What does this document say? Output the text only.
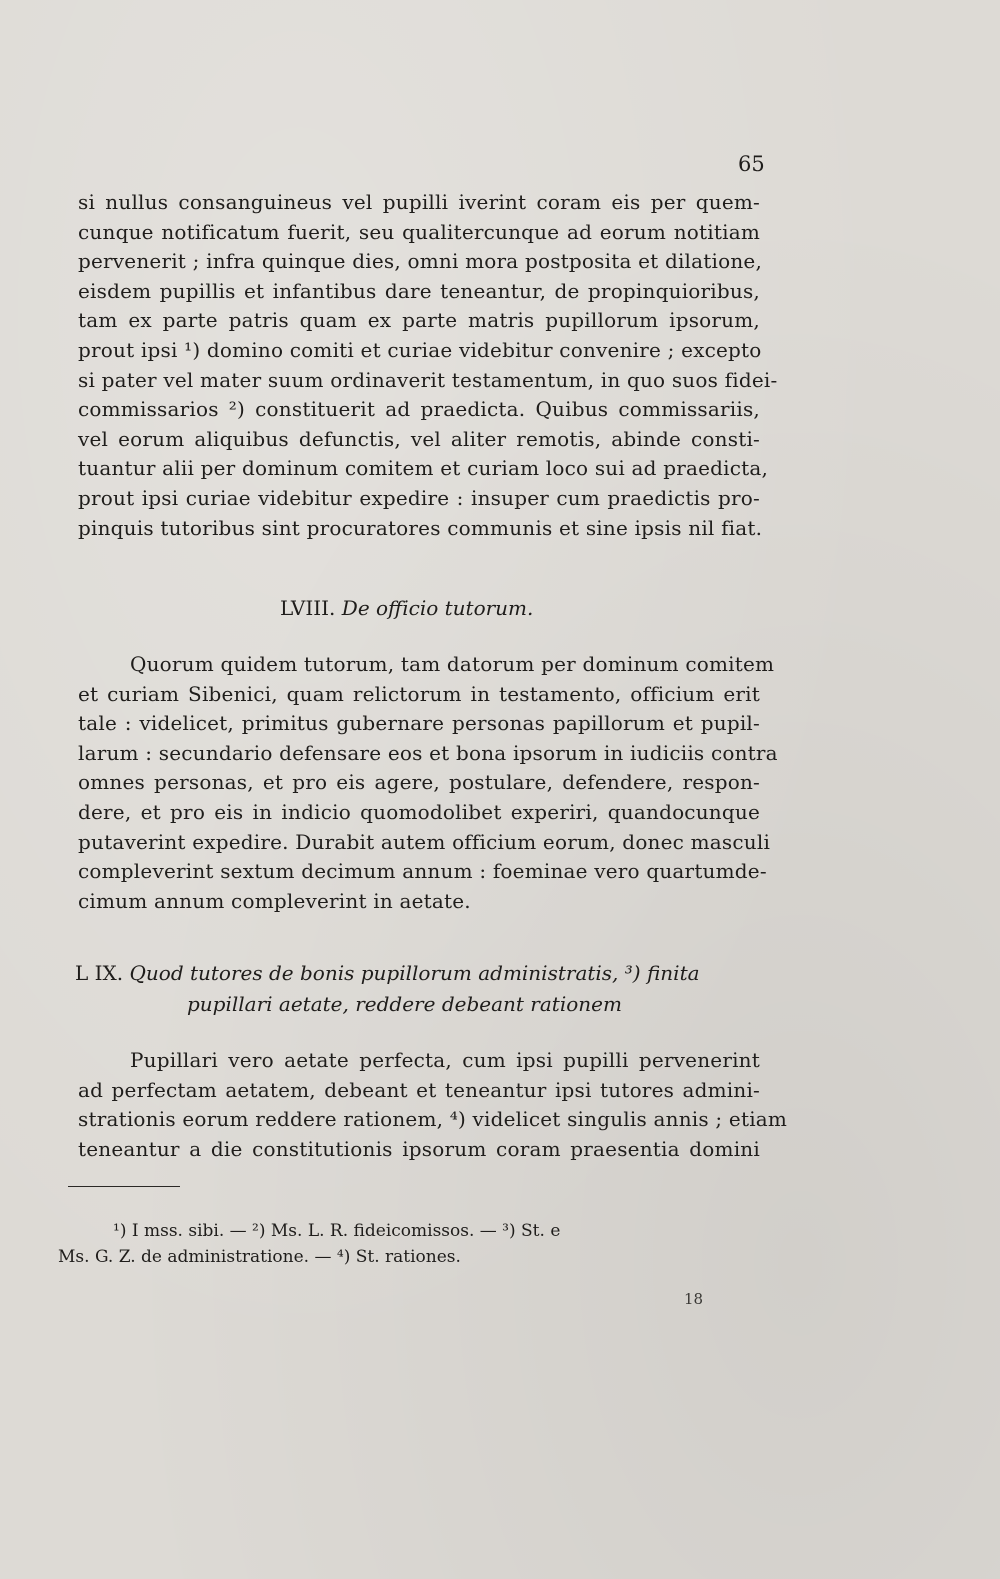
65
si nullus consanguineus vel pupilli iverint coram eis per quem-
cunque notificatum fuerit, seu qualitercunque ad eorum notitiam
pervenerit ; infra quinque dies, omni mora postposita et dilatione,
eisdem pupillis et infantibus dare teneantur, de propinquioribus,
tam ex parte patris quam ex parte matris pupillorum ipsorum,
prout ipsi ¹) domino comiti et curiae videbitur convenire ; excepto
si pater vel mater suum ordinaverit testamentum, in quo suos fidei-
commissarios ²) constituerit ad praedicta. Quibus commissariis,
vel eorum aliquibus defunctis, vel aliter remotis, abinde consti-
tuantur alii per dominum comitem et curiam loco sui ad praedicta,
prout ipsi curiae videbitur expedire : insuper cum praedictis pro-
pinquis tutoribus sint procuratores communis et sine ipsis nil fiat.
LVIII. De officio tutorum.
Quorum quidem tutorum, tam datorum per dominum comitem
et curiam Sibenici, quam relictorum in testamento, officium erit
tale : videlicet, primitus gubernare personas papillorum et pupil-
larum : secundario defensare eos et bona ipsorum in iudiciis contra
omnes personas, et pro eis agere, postulare, defendere, respon-
dere, et pro eis in indicio quomodolibet experiri, quandocunque
putaverint expedire. Durabit autem officium eorum, donec masculi
compleverint sextum decimum annum : foeminae vero quartumde-
cimum annum compleverint in aetate.
L IX. Quod tutores de bonis pupillorum administratis, ³) finita
pupillari aetate, reddere debeant rationem
Pupillari vero aetate perfecta, cum ipsi pupilli pervenerint
ad perfectam aetatem, debeant et teneantur ipsi tutores admini-
strationis eorum reddere rationem, ⁴) videlicet singulis annis ; etiam
teneantur a die constitutionis ipsorum coram praesentia domini
¹) I mss. sibi. — ²) Ms. L. R. fideicomissos. — ³) St. e
Ms. G. Z. de administratione. — ⁴) St. rationes.
18
